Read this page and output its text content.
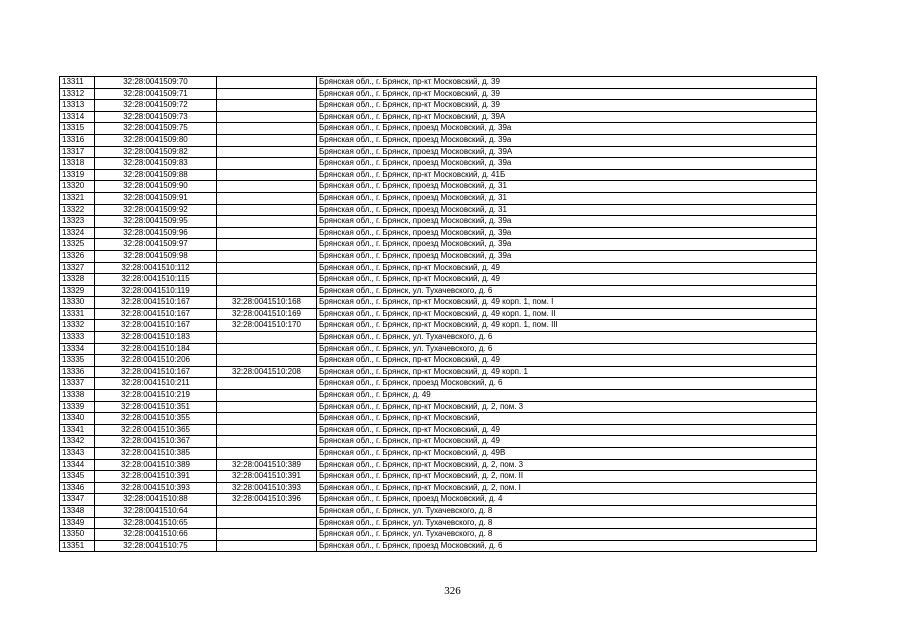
13311	32:28:0041509:70		Брянская обл., г. Брянск, пр-кт Московский, д. 39
13312	32:28:0041509:71		Брянская обл., г. Брянск, пр-кт Московский, д. 39
13313	32:28:0041509:72		Брянская обл., г. Брянск, пр-кт Московский, д. 39
13314	32:28:0041509:73		Брянская обл., г. Брянск, пр-кт Московский, д. 39А
13315	32:28:0041509:75		Брянская обл., г. Брянск, проезд Московский, д. 39а
13316	32:28:0041509:80		Брянская обл., г. Брянск, проезд Московский, д. 39а
13317	32:28:0041509:82		Брянская обл., г. Брянск, проезд Московский, д. 39А
13318	32:28:0041509:83		Брянская обл., г. Брянск, проезд Московский, д. 39а
13319	32:28:0041509:88		Брянская обл., г. Брянск, пр-кт Московский, д. 41Б
13320	32:28:0041509:90		Брянская обл., г. Брянск, проезд Московский, д. 31
13321	32:28:0041509:91		Брянская обл., г. Брянск, проезд Московский, д. 31
13322	32:28:0041509:92		Брянская обл., г. Брянск, проезд Московский, д. 31
13323	32:28:0041509:95		Брянская обл., г. Брянск, проезд Московский, д. 39а
13324	32:28:0041509:96		Брянская обл., г. Брянск, проезд Московский, д. 39а
13325	32:28:0041509:97		Брянская обл., г. Брянск, проезд Московский, д. 39а
13326	32:28:0041509:98		Брянская обл., г. Брянск, проезд Московский, д. 39а
13327	32:28:0041510:112		Брянская обл., г. Брянск, пр-кт Московский, д. 49
13328	32:28:0041510:115		Брянская обл., г. Брянск, пр-кт Московский, д. 49
13329	32:28:0041510:119		Брянская обл., г. Брянск, ул. Тухачевского, д. 6
13330	32:28:0041510:167	32:28:0041510:168	Брянская обл., г. Брянск, пр-кт Московский, д. 49 корп. 1, пом. I
13331	32:28:0041510:167	32:28:0041510:169	Брянская обл., г. Брянск, пр-кт Московский, д. 49 корп. 1, пом. II
13332	32:28:0041510:167	32:28:0041510:170	Брянская обл., г. Брянск, пр-кт Московский, д. 49 корп. 1, пом. III
13333	32:28:0041510:183		Брянская обл., г. Брянск, ул. Тухачевского, д. 6
13334	32:28:0041510:184		Брянская обл., г. Брянск, ул. Тухачевского, д. 6
13335	32:28:0041510:206		Брянская обл., г. Брянск, пр-кт Московский, д. 49
13336	32:28:0041510:167	32:28:0041510:208	Брянская обл., г. Брянск, пр-кт Московский, д. 49 корп. 1
13337	32:28:0041510:211		Брянская обл., г. Брянск, проезд Московский, д. 6
13338	32:28:0041510:219		Брянская обл., г. Брянск, д. 49
13339	32:28:0041510:351		Брянская обл., г. Брянск, пр-кт Московский, д. 2, пом. 3
13340	32:28:0041510:355		Брянская обл., г. Брянск, пр-кт Московский,
13341	32:28:0041510:365		Брянская обл., г. Брянск, пр-кт Московский, д. 49
13342	32:28:0041510:367		Брянская обл., г. Брянск, пр-кт Московский, д. 49
13343	32:28:0041510:385		Брянская обл., г. Брянск, пр-кт Московский, д. 49В
13344	32:28:0041510:389	32:28:0041510:389	Брянская обл., г. Брянск, пр-кт Московский, д. 2, пом. 3
13345	32:28:0041510:391	32:28:0041510:391	Брянская обл., г. Брянск, пр-кт Московский, д. 2, пом. II
13346	32:28:0041510:393	32:28:0041510:393	Брянская обл., г. Брянск, пр-кт Московский, д. 2, пом. I
13347	32:28:0041510:88	32:28:0041510:396	Брянская обл., г. Брянск, проезд Московский, д. 4
13348	32:28:0041510:64		Брянская обл., г. Брянск, ул. Тухачевского, д. 8
13349	32:28:0041510:65		Брянская обл., г. Брянск, ул. Тухачевского, д. 8
13350	32:28:0041510:66		Брянская обл., г. Брянск, ул. Тухачевского, д. 8
13351	32:28:0041510:75		Брянская обл., г. Брянск, проезд Московский, д. 6
326
